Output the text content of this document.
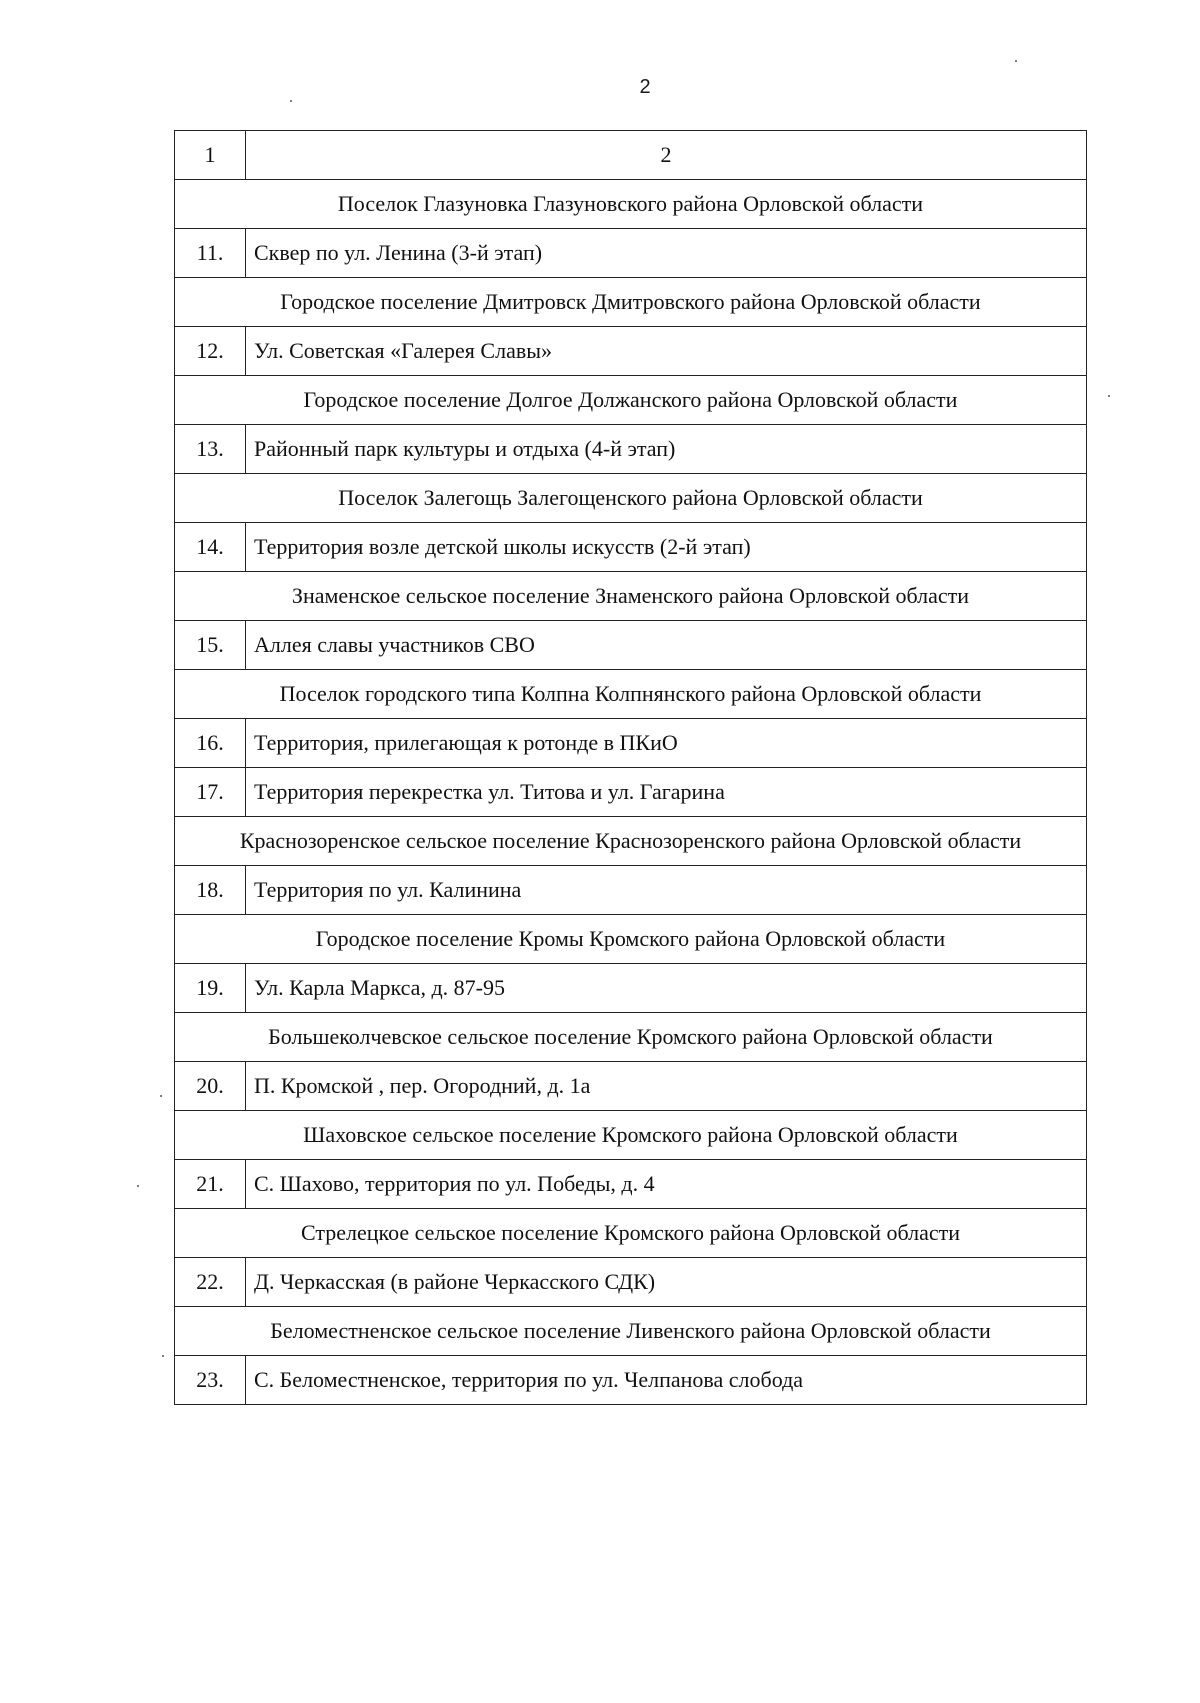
2
1	2
Поселок Глазуновка Глазуновского района Орловской области	
11.	Сквер по ул. Ленина (3-й этап)
Городское поселение Дмитровск Дмитровского района Орловской области	
12.	Ул. Советская «Галерея Славы»
Городское поселение Долгое Должанского района Орловской области	
13.	Районный парк культуры и отдыха (4-й этап)
Поселок Залегощь Залегощенского района Орловской области	
14.	Территория возле детской школы искусств (2-й этап)
Знаменское сельское поселение Знаменского района Орловской области	
15.	Аллея славы участников СВО
Поселок городского типа Колпна Колпнянского района Орловской области	
16.	Территория, прилегающая к ротонде в ПКиО
17.	Территория перекрестка ул. Титова и ул. Гагарина
Краснозоренское сельское поселение Краснозоренского района Орловской области	
18.	Территория по ул. Калинина
Городское поселение Кромы Кромского района Орловской области	
19.	Ул. Карла Маркса, д. 87-95
Большеколчевское сельское поселение Кромского района Орловской области	
20.	П. Кромской , пер. Огородний, д. 1а
Шаховское сельское поселение Кромского района Орловской области	
21.	С. Шахово, территория по ул. Победы, д. 4
Стрелецкое сельское поселение Кромского района Орловской области	
22.	Д. Черкасская (в районе Черкасского СДК)
Беломестненское сельское поселение Ливенского района Орловской области	
23.	С. Беломестненское, территория по ул. Челпанова слобода
